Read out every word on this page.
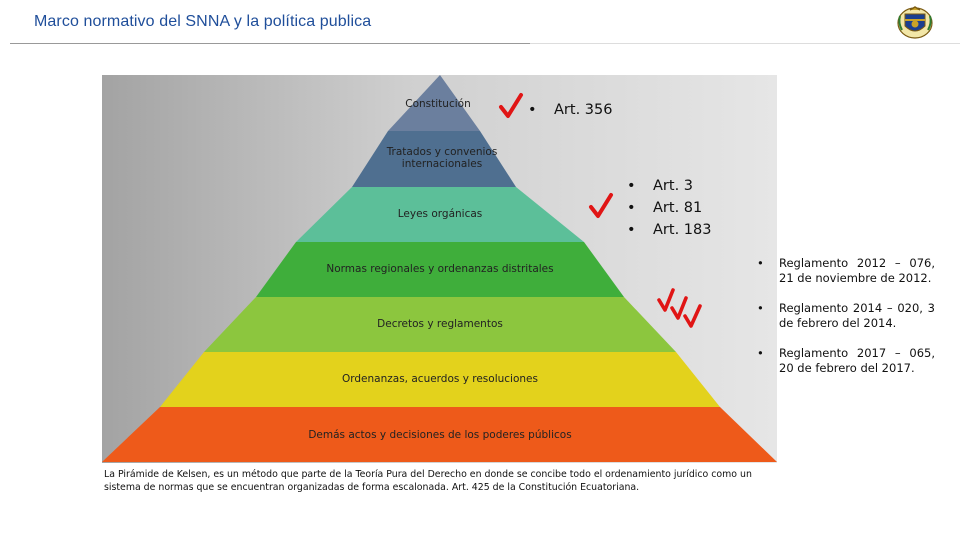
Marco normativo del SNNA y la política publica
Constitución
Tratados y convenios internacionales
Leyes orgánicas
Normas regionales y ordenanzas distritales
Decretos y reglamentos
Ordenanzas, acuerdos y resoluciones
Demás actos y decisiones de los poderes públicos
•	Art. 356
•	Art. 3
•	Art. 81
•	Art. 183
•	Reglamento 2012 – 076, 21 de noviembre de 2012.
•	Reglamento 2014 – 020, 3 de febrero del 2014.
•	Reglamento 2017 – 065, 20 de febrero del 2017.
La Pirámide de Kelsen, es un método que parte de la Teoría Pura del Derecho en donde se concibe todo el ordenamiento jurídico como un sistema de normas que se encuentran organizadas de forma escalonada. Art. 425 de la Constitución Ecuatoriana.
